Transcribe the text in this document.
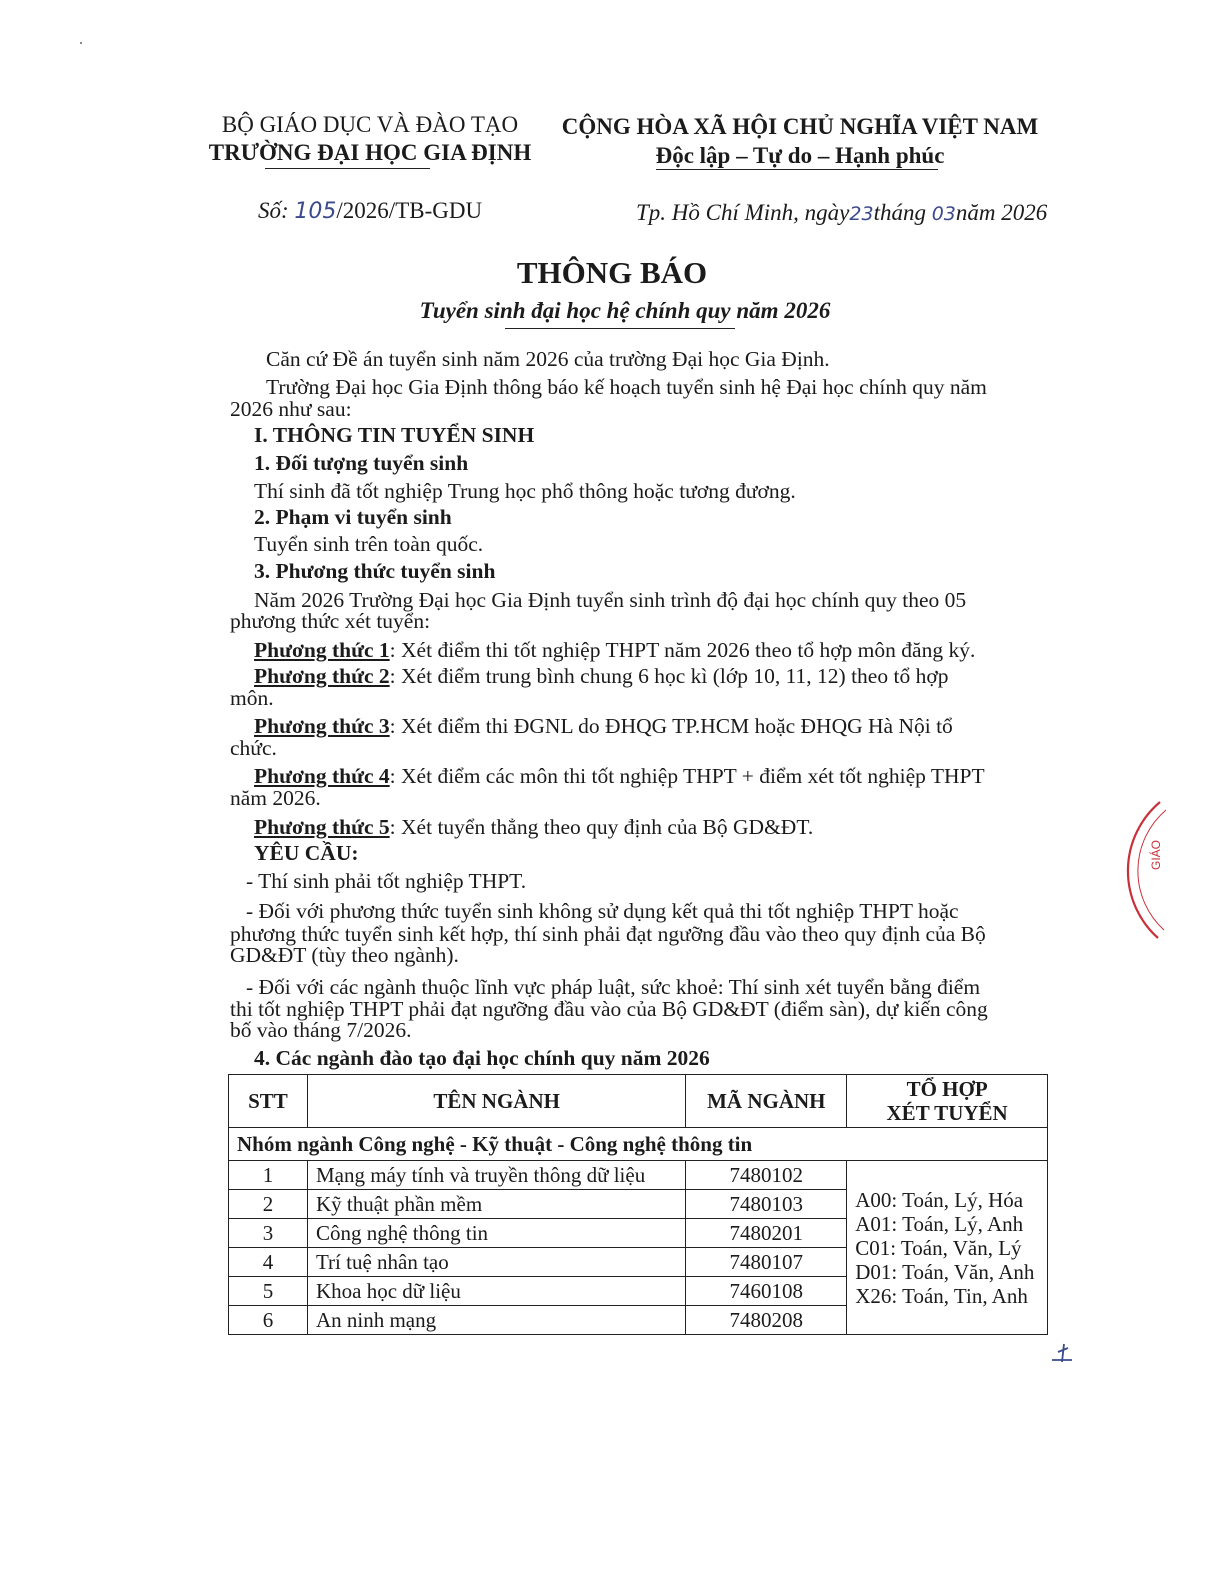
BỘ GIÁO DỤC VÀ ĐÀO TẠO
TRƯỜNG ĐẠI HỌC GIA ĐỊNH
CỘNG HÒA XÃ HỘI CHỦ NGHĨA VIỆT NAM
Độc lập – Tự do – Hạnh phúc
Số: 105/2026/TB-GDU	Tp. Hồ Chí Minh, ngày23tháng 03năm 2026
THÔNG BÁO
Tuyển sinh đại học hệ chính quy năm 2026
Căn cứ Đề án tuyển sinh năm 2026 của trường Đại học Gia Định.
Trường Đại học Gia Định thông báo kế hoạch tuyển sinh hệ Đại học chính quy năm
2026 như sau:
I. THÔNG TIN TUYỂN SINH
1. Đối tượng tuyển sinh
Thí sinh đã tốt nghiệp Trung học phổ thông hoặc tương đương.
2. Phạm vi tuyển sinh
Tuyển sinh trên toàn quốc.
3. Phương thức tuyển sinh
Năm 2026 Trường Đại học Gia Định tuyển sinh trình độ đại học chính quy theo 05
phương thức xét tuyển:
Phương thức 1: Xét điểm thi tốt nghiệp THPT năm 2026 theo tổ hợp môn đăng ký.
Phương thức 2: Xét điểm trung bình chung 6 học kì (lớp 10, 11, 12) theo tổ hợp
môn.
Phương thức 3: Xét điểm thi ĐGNL do ĐHQG TP.HCM hoặc ĐHQG Hà Nội tổ
chức.
Phương thức 4: Xét điểm các môn thi tốt nghiệp THPT + điểm xét tốt nghiệp THPT
năm 2026.
Phương thức 5: Xét tuyển thẳng theo quy định của Bộ GD&ĐT.
YÊU CẦU:
- Thí sinh phải tốt nghiệp THPT.
- Đối với phương thức tuyển sinh không sử dụng kết quả thi tốt nghiệp THPT hoặc
phương thức tuyển sinh kết hợp, thí sinh phải đạt ngưỡng đầu vào theo quy định của Bộ
GD&ĐT (tùy theo ngành).
- Đối với các ngành thuộc lĩnh vực pháp luật, sức khoẻ: Thí sinh xét tuyển bằng điểm
thi tốt nghiệp THPT phải đạt ngưỡng đầu vào của Bộ GD&ĐT (điểm sàn), dự kiến công
bố vào tháng 7/2026.
4. Các ngành đào tạo đại học chính quy năm 2026
STT	TÊN NGÀNH	MÃ NGÀNH	TỔ HỢP
XÉT TUYỂN

Nhóm ngành Công nghệ - Kỹ thuật - Công nghệ thông tin			
1	Mạng máy tính và truyền thông dữ liệu	7480102	A00: Toán, Lý, Hóa
A01: Toán, Lý, Anh
C01: Toán, Văn, Lý
D01: Toán, Văn, Anh
X26: Toán, Tin, Anh

2	Kỹ thuật phần mềm	7480103	
3	Công nghệ thông tin	7480201	
4	Trí tuệ nhân tạo	7480107	
5	Khoa học dữ liệu	7460108	
6	An ninh mạng	7480208	
GIÁO
